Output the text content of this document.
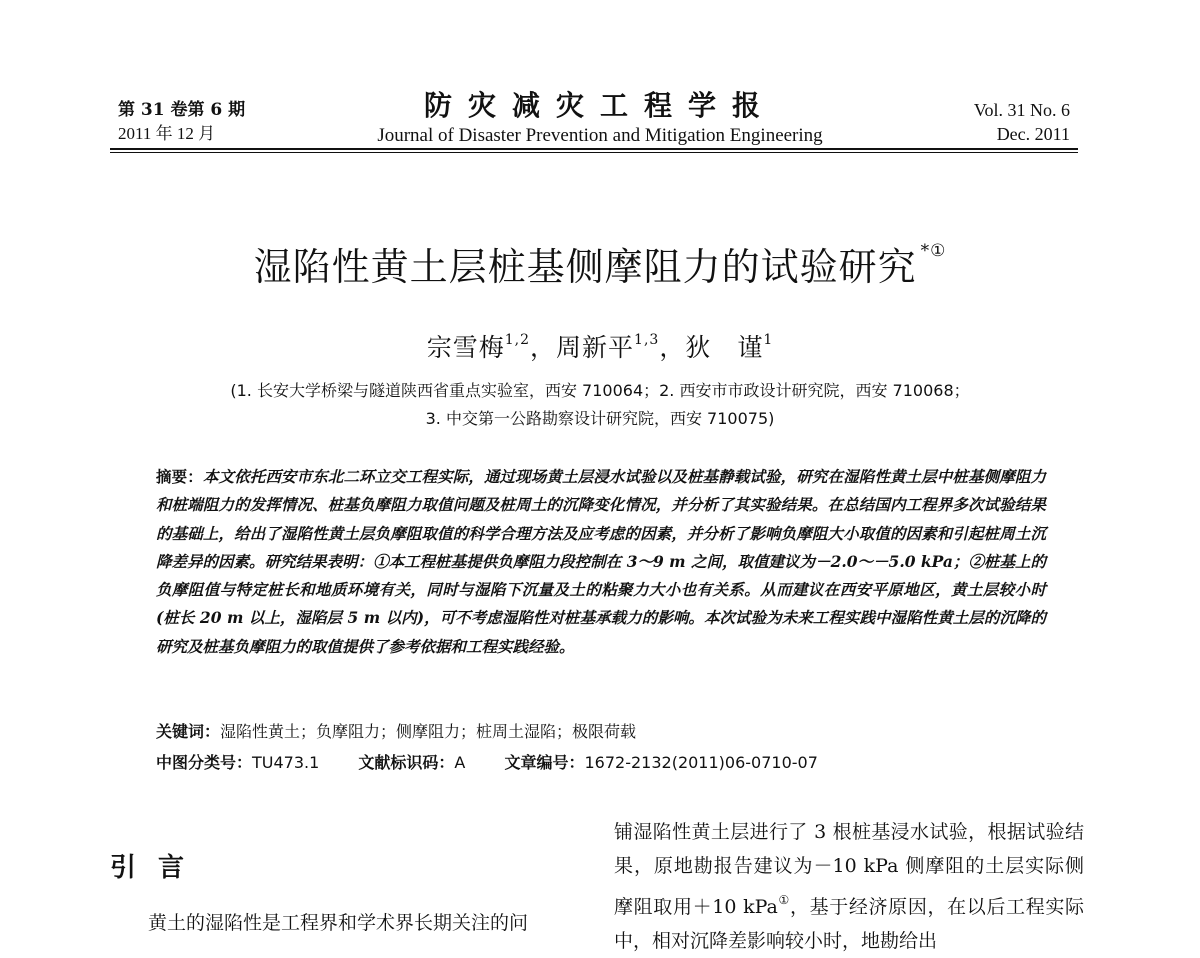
第 31 卷第 6 期
2011 年 12 月
防灾减灾工程学报
Journal of Disaster Prevention and Mitigation Engineering
Vol. 31 No. 6
Dec. 2011
湿陷性黄土层桩基侧摩阻力的试验研究 *①
宗雪梅$^{1,2}$，周新平$^{1,3}$，狄　谨$^1$
(1. 长安大学桥梁与隧道陕西省重点实验室，西安 710064；2. 西安市市政设计研究院，西安 710068；
3. 中交第一公路勘察设计研究院，西安 710075)
摘要：本文依托西安市东北二环立交工程实际，通过现场黄土层浸水试验以及桩基静载试验，研究在湿陷性黄土层中桩基侧摩阻力和桩端阻力的发挥情况、桩基负摩阻力取值问题及桩周土的沉降变化情况，并分析了其实验结果。在总结国内工程界多次试验结果的基础上，给出了湿陷性黄土层负摩阻取值的科学合理方法及应考虑的因素，并分析了影响负摩阻大小取值的因素和引起桩周土沉降差异的因素。研究结果表明：①本工程桩基提供负摩阻力段控制在 3～9 m 之间，取值建议为－2.0～－5.0 kPa；②桩基上的负摩阻值与特定桩长和地质环境有关，同时与湿陷下沉量及土的粘聚力大小也有关系。从而建议在西安平原地区，黄土层较小时(桩长 20 m 以上，湿陷层 5 m 以内)，可不考虑湿陷性对桩基承载力的影响。本次试验为未来工程实践中湿陷性黄土层的沉降的研究及桩基负摩阻力的取值提供了参考依据和工程实践经验。
关键词：湿陷性黄土；负摩阻力；侧摩阻力；桩周土湿陷；极限荷载
中图分类号：TU473.1 文献标识码：A 文章编号：1672-2132(2011)06-0710-07
引言
黄土的湿陷性是工程界和学术界长期关注的问
铺湿陷性黄土层进行了 3 根桩基浸水试验，根据试验结果，原地勘报告建议为－10 kPa 侧摩阻的土层实际侧摩阻取用＋10 kPa①，基于经济原因，在以后工程实际中，相对沉降差影响较小时，地勘给出
